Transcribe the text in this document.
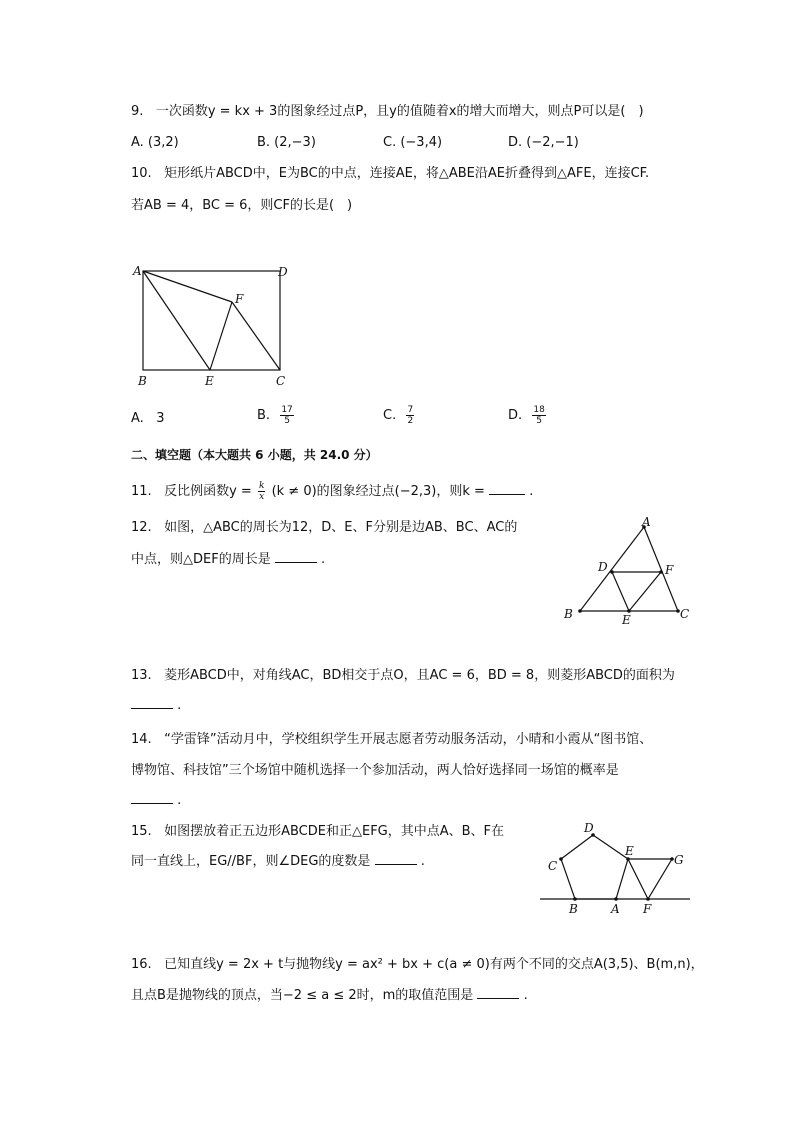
9. 一次函数y = kx + 3的图象经过点P，且y的值随着x的增大而增大，则点P可以是(　)
A. (3,2)	B. (2,−3)	C. (−3,4)	D. (−2,−1)
10. 矩形纸片ABCD中，E为BC的中点，连接AE，将△ABE沿AE折叠得到△AFE，连接CF.
若AB = 4，BC = 6，则CF的长是(　)
A	D
F
B	E	C
A. 3	B. $\frac{17}{5}$	C. $\frac{7}{2}$	D. $\frac{18}{5}$
二、填空题（本大题共 6 小题，共 24.0 分）
11. 反比例函数$y = \frac{k}{x} (k \ne 0)$的图象经过点(−2,3)，则k =	.
12. 如图，△ABC的周长为12，D、E、F分别是边AB、BC、AC的
中点，则△DEF的周长是	.
A
D	F
B	E	C
13. 菱形ABCD中，对角线AC，BD相交于点O，且AC = 6，BD = 8，则菱形ABCD的面积为
.
14. “学雷锋”活动月中，学校组织学生开展志愿者劳动服务活动，小晴和小霞从“图书馆、
博物馆、科技馆”三个场馆中随机选择一个参加活动，两人恰好选择同一场馆的概率是
.
15. 如图摆放着正五边形ABCDE和正△EFG，其中点A、B、F在
同一直线上，EG//BF，则∠DEG的度数是	.
D
C
E
G
B	A F
16. 已知直线y = 2x + t与抛物线y = ax² + bx + c(a ≠ 0)有两个不同的交点A(3,5)、B(m,n)，
且点B是抛物线的顶点，当−2 ≤ a ≤ 2时，m的取值范围是	.
